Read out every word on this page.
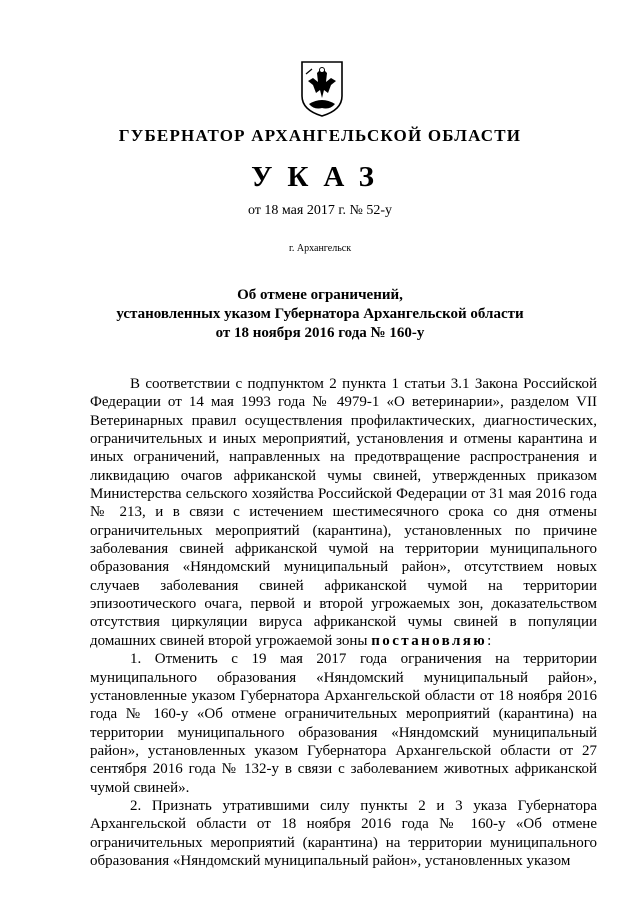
ГУБЕРНАТОР АРХАНГЕЛЬСКОЙ ОБЛАСТИ
УКАЗ
от 18 мая 2017 г. № 52-у
г. Архангельск
Об отмене ограничений,
установленных указом Губернатора Архангельской области
от 18 ноября 2016 года № 160-у

В соответствии с подпунктом 2 пункта 1 статьи 3.1 Закона Российской Федерации от 14 мая 1993 года № 4979-1 «О ветеринарии», разделом VII Ветеринарных правил осуществления профилактических, диагностических, ограничительных и иных мероприятий, установления и отмены карантина и иных ограничений, направленных на предотвращение распространения и ликвидацию очагов африканской чумы свиней, утвержденных приказом Министерства сельского хозяйства Российской Федерации от 31 мая 2016 года № 213, и в связи с истечением шестимесячного срока со дня отмены ограничительных мероприятий (карантина), установленных по причине заболевания свиней африканской чумой на территории муниципального образования «Няндомский муниципальный район», отсутствием новых случаев заболевания свиней африканской чумой на территории эпизоотического очага, первой и второй угрожаемых зон, доказательством отсутствия циркуляции вируса африканской чумы свиней в популяции домашних свиней второй угрожаемой зоны постановляю:

1. Отменить с 19 мая 2017 года ограничения на территории муниципального образования «Няндомский муниципальный район», установленные указом Губернатора Архангельской области от 18 ноября 2016 года № 160-у «Об отмене ограничительных мероприятий (карантина) на территории муниципального образования «Няндомский муниципальный район», установленных указом Губернатора Архангельской области от 27 сентября 2016 года № 132-у в связи с заболеванием животных африканской чумой свиней».

2. Признать утратившими силу пункты 2 и 3 указа Губернатора Архангельской области от 18 ноября 2016 года № 160-у «Об отмене ограничительных мероприятий (карантина) на территории муниципального образования «Няндомский муниципальный район», установленных указом
